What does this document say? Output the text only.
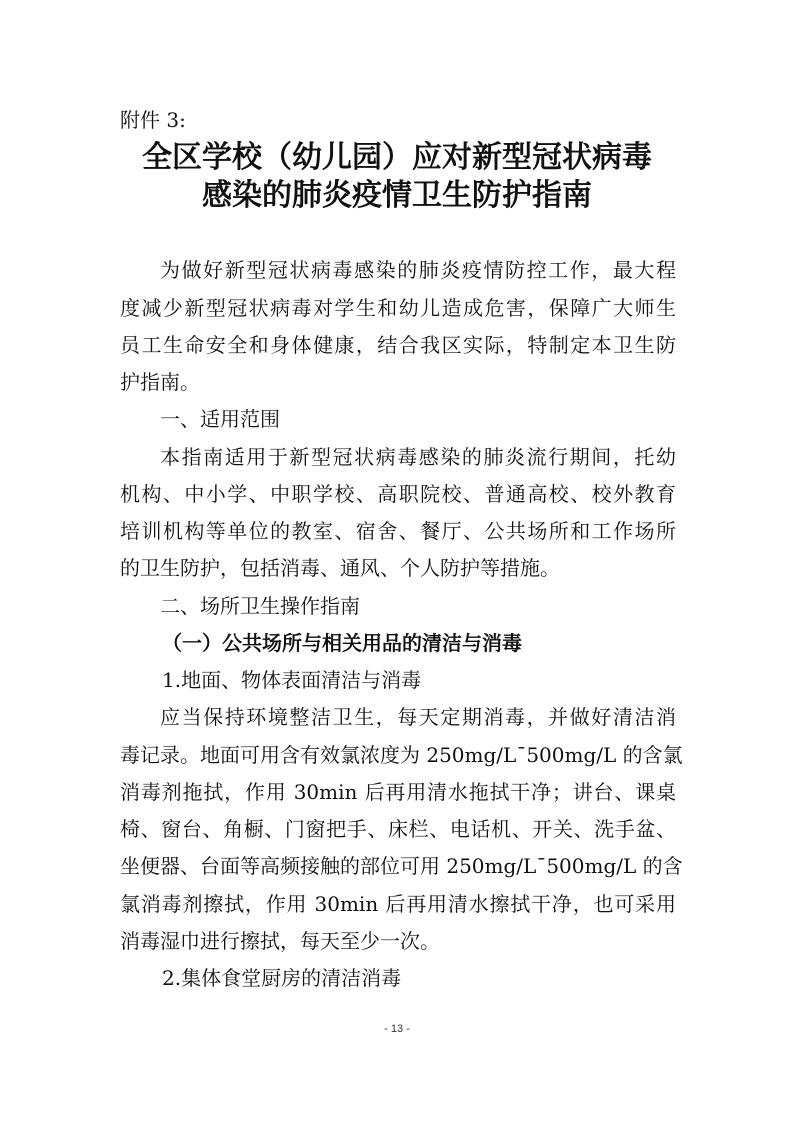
附件 3:
全区学校（幼儿园）应对新型冠状病毒
感染的肺炎疫情卫生防护指南
为做好新型冠状病毒感染的肺炎疫情防控工作，最大程
度减少新型冠状病毒对学生和幼儿造成危害，保障广大师生
员工生命安全和身体健康，结合我区实际，特制定本卫生防
护指南。
一、适用范围
本指南适用于新型冠状病毒感染的肺炎流行期间，托幼
机构、中小学、中职学校、高职院校、普通高校、校外教育
培训机构等单位的教室、宿舍、餐厅、公共场所和工作场所
的卫生防护，包括消毒、通风、个人防护等措施。
二、场所卫生操作指南
（一）公共场所与相关用品的清洁与消毒
1.地面、物体表面清洁与消毒
应当保持环境整洁卫生，每天定期消毒，并做好清洁消
毒记录。地面可用含有效氯浓度为 250mg/L¯500mg/L 的含氯
消毒剂拖拭，作用 30min 后再用清水拖拭干净；讲台、课桌
椅、窗台、角橱、门窗把手、床栏、电话机、开关、洗手盆、
坐便器、台面等高频接触的部位可用 250mg/L¯500mg/L 的含
氯消毒剂擦拭，作用 30min 后再用清水擦拭干净，也可采用
消毒湿巾进行擦拭，每天至少一次。
2.集体食堂厨房的清洁消毒
- 13 -
